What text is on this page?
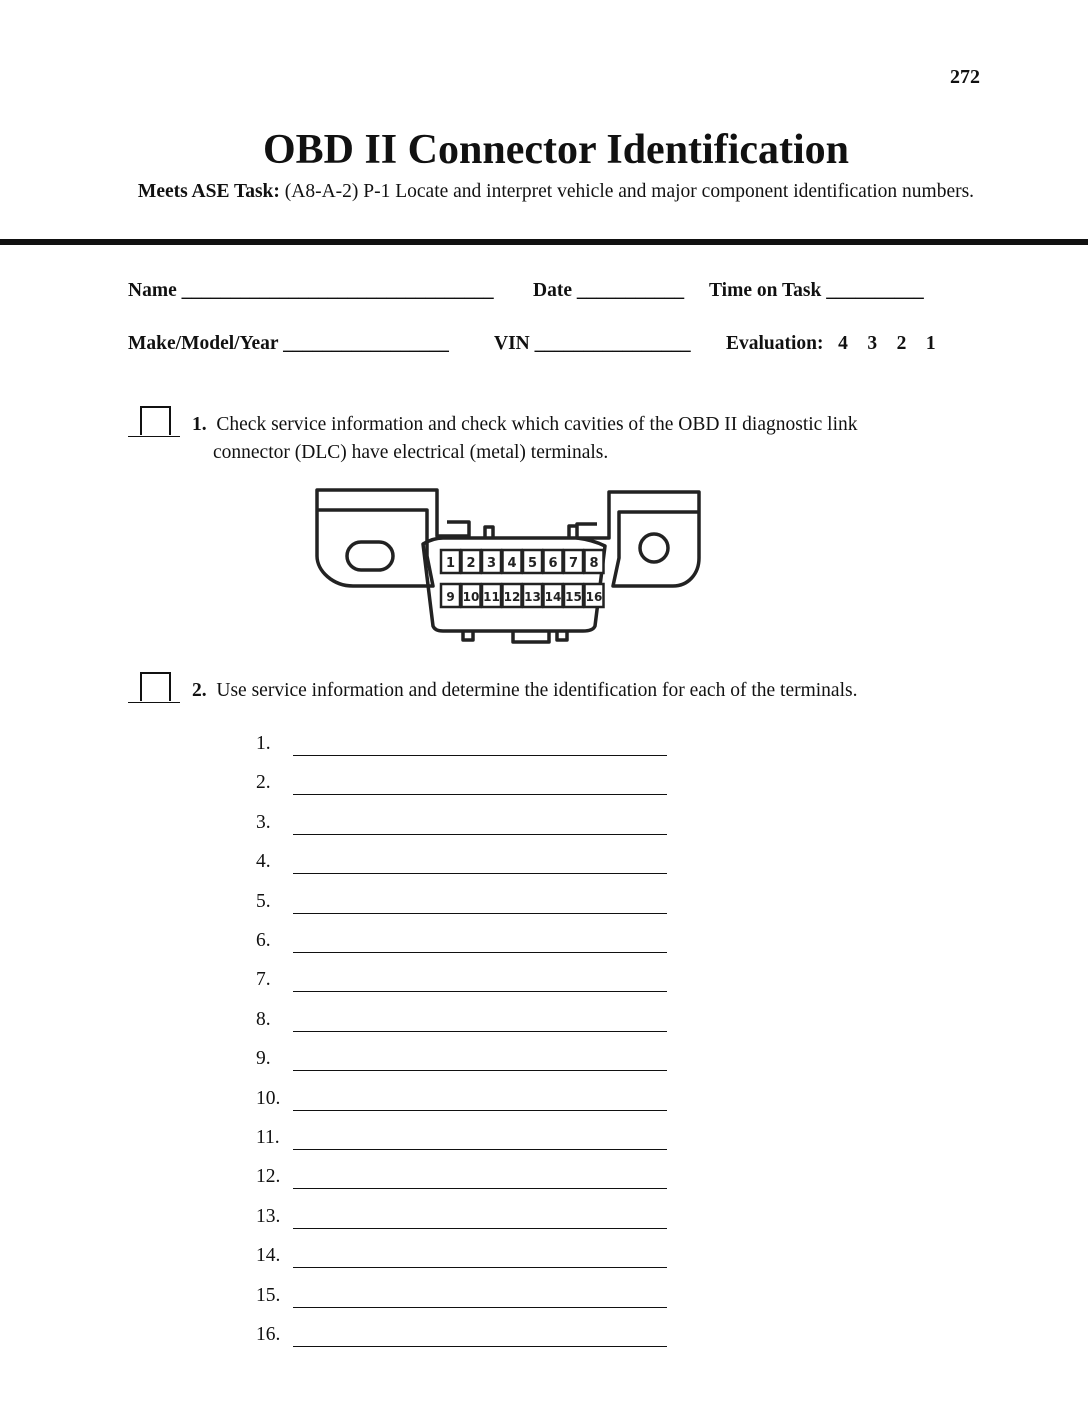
272
OBD II Connector Identification
Meets ASE Task: (A8-A-2) P-1 Locate and interpret vehicle and major component identification numbers.
Name ________________________________ Date ___________ Time on Task __________
Make/Model/Year _________________ VIN ________________ Evaluation:   4    3    2    1
1. Check service information and check which cavities of the OBD II diagnostic link
connector (DLC) have electrical (metal) terminals.
1 2 3 4 5 6 7 8
9 10 11 12 13 14 15 16
2. Use service information and determine the identification for each of the terminals.
1.
2.
3.
4.
5.
6.
7.
8.
9.
10.
11.
12.
13.
14.
15.
16.
